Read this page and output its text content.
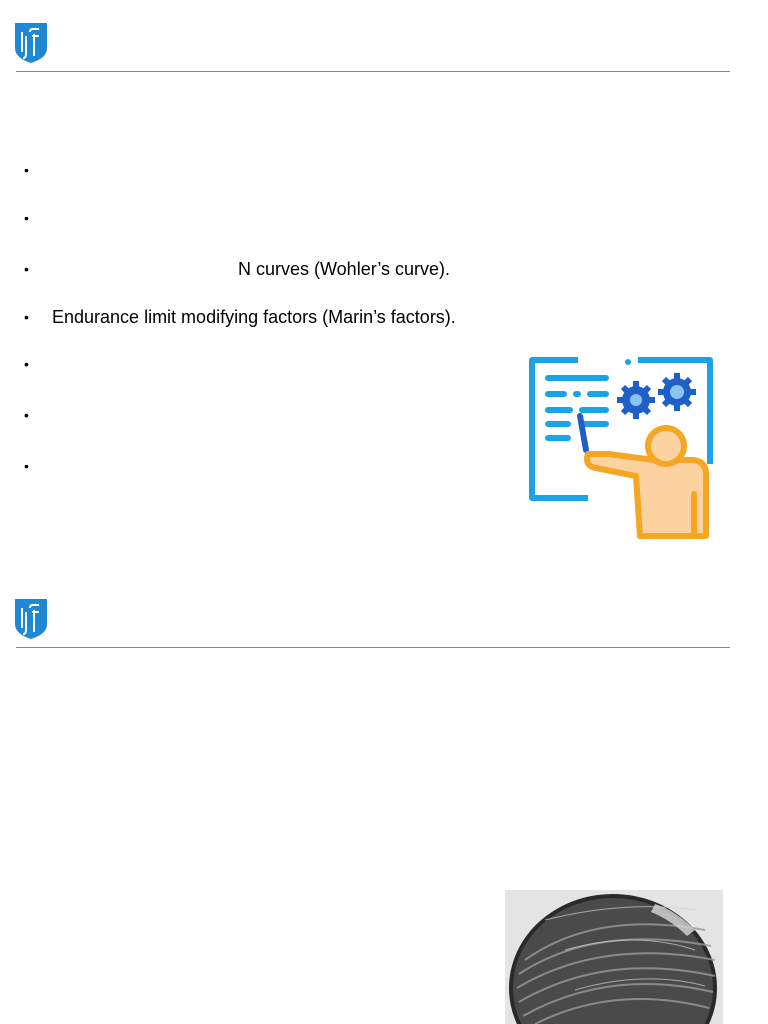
•
•
•	N curves (Wohler’s curve).
• Endurance limit modifying factors (Marin’s factors).
•
•
•
